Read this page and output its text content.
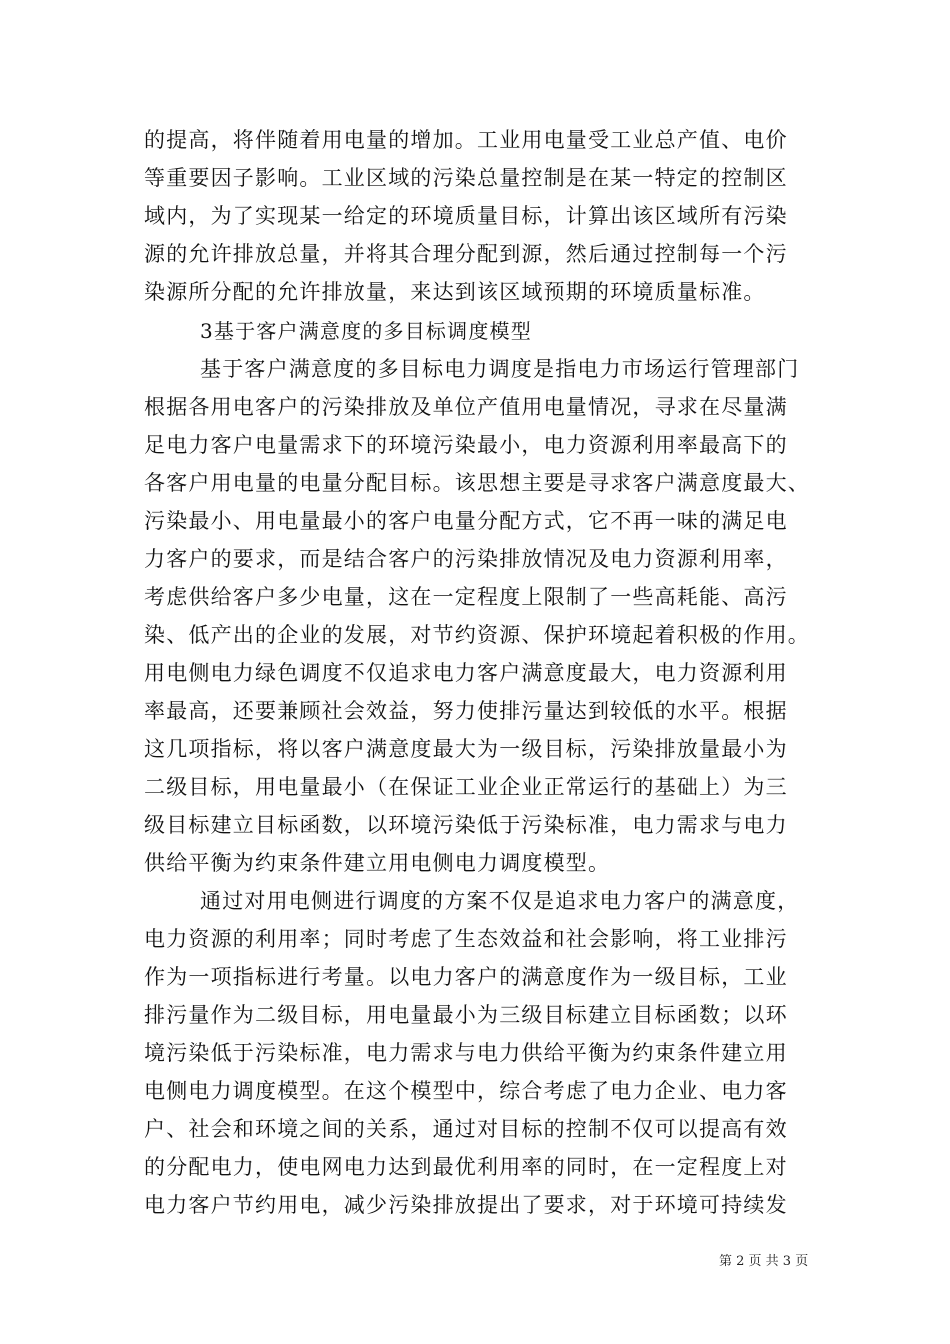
的提高，将伴随着用电量的增加。工业用电量受工业总产值、电价
等重要因子影响。工业区域的污染总量控制是在某一特定的控制区
域内，为了实现某一给定的环境质量目标，计算出该区域所有污染
源的允许排放总量，并将其合理分配到源，然后通过控制每一个污
染源所分配的允许排放量，来达到该区域预期的环境质量标准。
3基于客户满意度的多目标调度模型
基于客户满意度的多目标电力调度是指电力市场运行管理部门
根据各用电客户的污染排放及单位产值用电量情况，寻求在尽量满
足电力客户电量需求下的环境污染最小，电力资源利用率最高下的
各客户用电量的电量分配目标。该思想主要是寻求客户满意度最大、
污染最小、用电量最小的客户电量分配方式，它不再一味的满足电
力客户的要求，而是结合客户的污染排放情况及电力资源利用率，
考虑供给客户多少电量，这在一定程度上限制了一些高耗能、高污
染、低产出的企业的发展，对节约资源、保护环境起着积极的作用。
用电侧电力绿色调度不仅追求电力客户满意度最大，电力资源利用
率最高，还要兼顾社会效益，努力使排污量达到较低的水平。根据
这几项指标，将以客户满意度最大为一级目标，污染排放量最小为
二级目标，用电量最小（在保证工业企业正常运行的基础上）为三
级目标建立目标函数，以环境污染低于污染标准，电力需求与电力
供给平衡为约束条件建立用电侧电力调度模型。
通过对用电侧进行调度的方案不仅是追求电力客户的满意度，
电力资源的利用率；同时考虑了生态效益和社会影响，将工业排污
作为一项指标进行考量。以电力客户的满意度作为一级目标，工业
排污量作为二级目标，用电量最小为三级目标建立目标函数；以环
境污染低于污染标准，电力需求与电力供给平衡为约束条件建立用
电侧电力调度模型。在这个模型中，综合考虑了电力企业、电力客
户、社会和环境之间的关系，通过对目标的控制不仅可以提高有效
的分配电力，使电网电力达到最优利用率的同时，在一定程度上对
电力客户节约用电，减少污染排放提出了要求，对于环境可持续发
第 2 页 共 3 页
